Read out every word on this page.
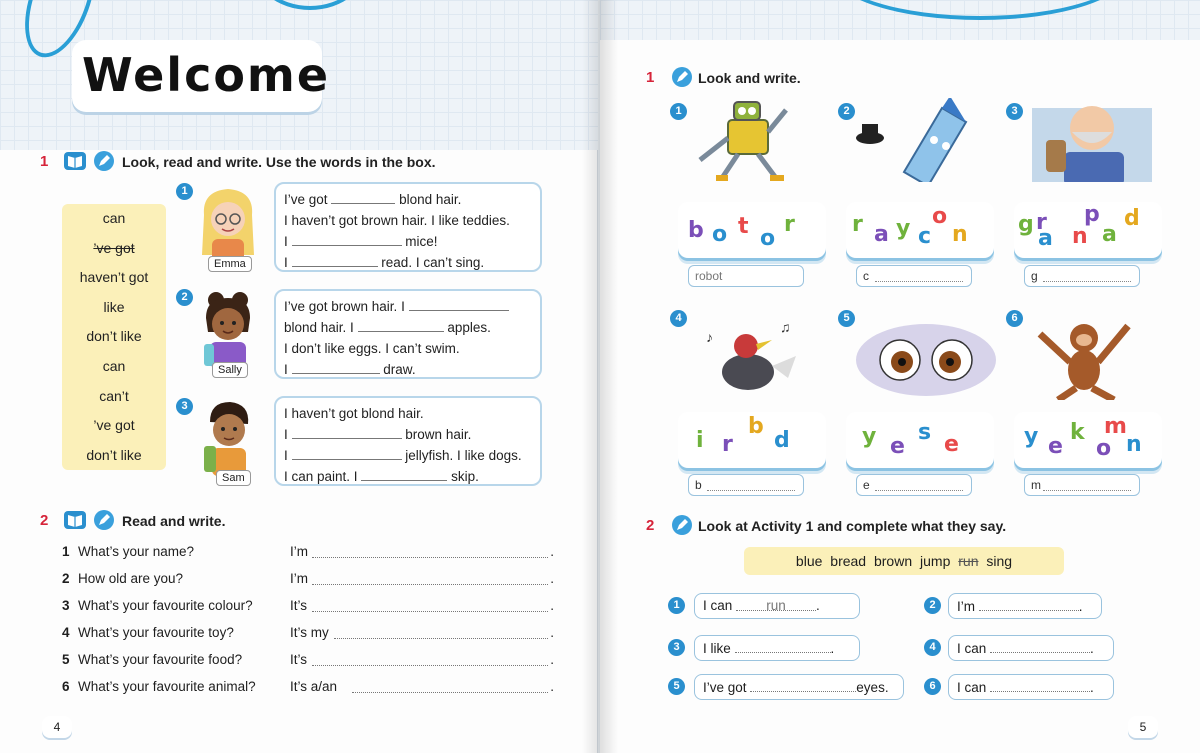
Welcome
1	Look, read and write. Use the words in the box.
can
’ve got
haven’t got
like
don’t like
can
can’t
’ve got
don’t like
1
Emma
I’ve got	blond hair.
I haven’t got brown hair. I like teddies.
I	mice!
I	read. I can’t sing.
2
Sally
I’ve got brown hair. I
blond hair. I	apples.
I don’t like eggs. I can’t swim.
I	draw.
3
Sam
I haven’t got blond hair.
I	brown hair.
I	jellyfish. I like dogs.
I can paint. I	skip.
2	Read and write.
1 What’s your name?	I’m	.
2 How old are you?	I’m	.
3 What’s your favourite colour?	It’s	.
4 What’s your favourite toy?	It’s my	.
5 What’s your favourite food?	It’s	.
6 What’s your favourite animal?	It’s a/an	.
4	5
1	Look and write.
1
b o t o
r
robot
2
r a y o
c n
c
3
g r
a
p
n a
d
g
4
♪
♫
i r
b
d
b
5
y e
s e
e
6
y e
k
o
m
n
m
2	Look at Activity 1 and complete what they say.
blue bread brown jump run sing
1	I can	run .	2	I’m	.
3	I like	.	4	I can	.
5	I’ve got	eyes.	6	I can	.
